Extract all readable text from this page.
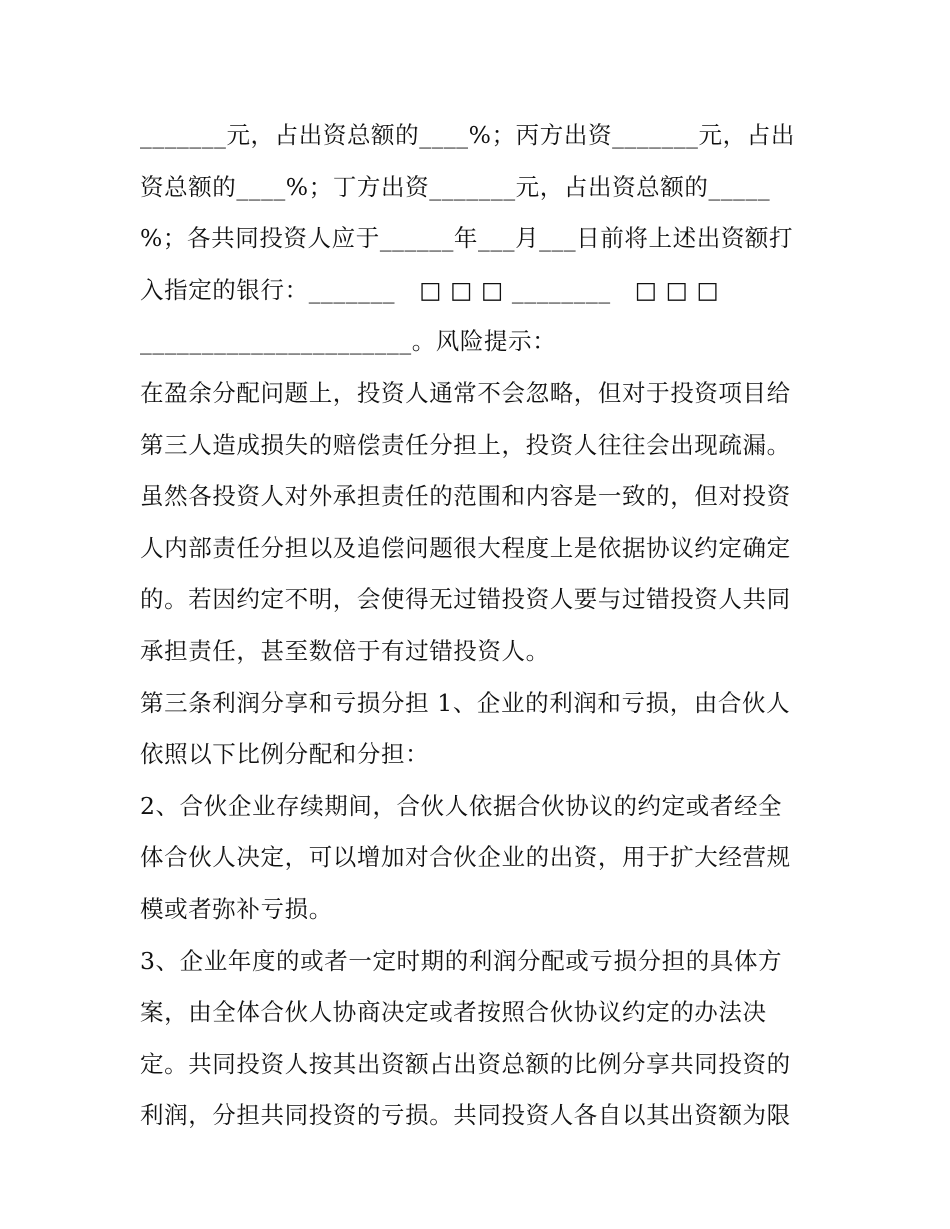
_______元，占出资总额的____%；丙方出资_______元，占出
资总额的____%；丁方出资_______元，占出资总额的_____
%；各共同投资人应于______年___月___日前将上述出资额打
入指定的银行：_______　□ □ □ ________　□ □ □
______________________。风险提示：
在盈余分配问题上，投资人通常不会忽略，但对于投资项目给
第三人造成损失的赔偿责任分担上，投资人往往会出现疏漏。
虽然各投资人对外承担责任的范围和内容是一致的，但对投资
人内部责任分担以及追偿问题很大程度上是依据协议约定确定
的。若因约定不明，会使得无过错投资人要与过错投资人共同
承担责任，甚至数倍于有过错投资人。
第三条利润分享和亏损分担 1、企业的利润和亏损，由合伙人
依照以下比例分配和分担：
2、合伙企业存续期间，合伙人依据合伙协议的约定或者经全
体合伙人决定，可以增加对合伙企业的出资，用于扩大经营规
模或者弥补亏损。
3、企业年度的或者一定时期的利润分配或亏损分担的具体方
案，由全体合伙人协商决定或者按照合伙协议约定的办法决
定。共同投资人按其出资额占出资总额的比例分享共同投资的
利润，分担共同投资的亏损。共同投资人各自以其出资额为限
